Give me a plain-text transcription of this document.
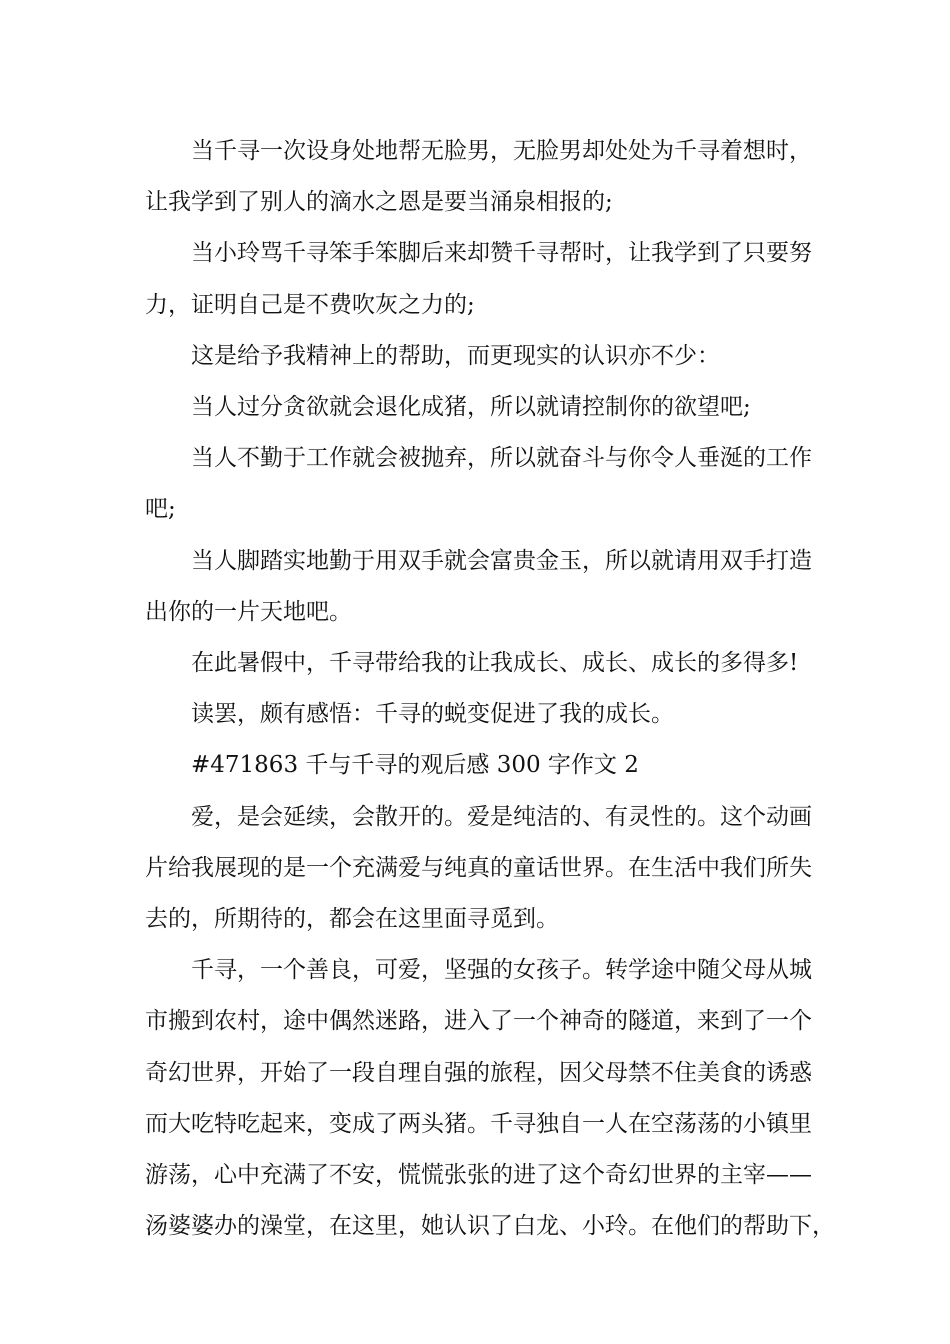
当千寻一次设身处地帮无脸男，无脸男却处处为千寻着想时，
让我学到了别人的滴水之恩是要当涌泉相报的;

当小玲骂千寻笨手笨脚后来却赞千寻帮时，让我学到了只要努
力，证明自己是不费吹灰之力的;

这是给予我精神上的帮助，而更现实的认识亦不少：

当人过分贪欲就会退化成猪，所以就请控制你的欲望吧;

当人不勤于工作就会被抛弃，所以就奋斗与你令人垂涎的工作
吧;

当人脚踏实地勤于用双手就会富贵金玉，所以就请用双手打造
出你的一片天地吧。

在此暑假中，千寻带给我的让我成长、成长、成长的多得多!

读罢，颇有感悟：千寻的蜕变促进了我的成长。

#471863 千与千寻的观后感 300 字作文 2

爱，是会延续，会散开的。爱是纯洁的、有灵性的。这个动画
片给我展现的是一个充满爱与纯真的童话世界。在生活中我们所失
去的，所期待的，都会在这里面寻觅到。

千寻，一个善良，可爱，坚强的女孩子。转学途中随父母从城
市搬到农村，途中偶然迷路，进入了一个神奇的隧道，来到了一个
奇幻世界，开始了一段自理自强的旅程，因父母禁不住美食的诱惑
而大吃特吃起来，变成了两头猪。千寻独自一人在空荡荡的小镇里
游荡，心中充满了不安，慌慌张张的进了这个奇幻世界的主宰——
汤婆婆办的澡堂，在这里，她认识了白龙、小玲。在他们的帮助下，
